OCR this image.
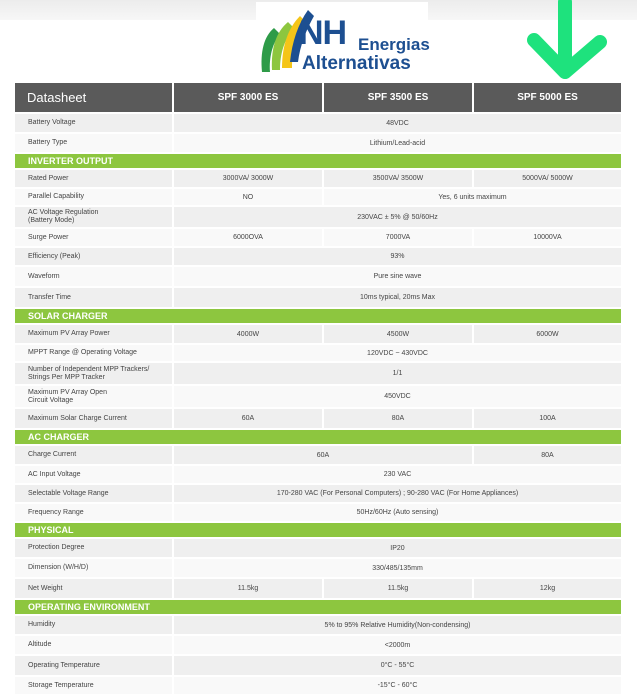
NH Energias
Alternativas
Datasheet	SPF 3000 ES	SPF 3500 ES	SPF 5000 ES
Battery Voltage	48VDC		
Battery Type	Lithium/Lead-acid		
INVERTER OUTPUT			
Rated Power	3000VA/ 3000W	3500VA/ 3500W	5000VA/ 5000W
Parallel Capability	NO	Yes, 6 units maximum	
AC Voltage Regulation
(Battery Mode)	230VAC ± 5% @ 50/60Hz		
Surge Power	6000OVA	7000VA	10000VA
Efficiency (Peak)	93%		
Waveform	Pure sine wave		
Transfer Time	10ms typical, 20ms Max		
SOLAR CHARGER			
Maximum PV Array Power	4000W	4500W	6000W
MPPT Range @ Operating Voltage	120VDC ~ 430VDC		
Number of Independent MPP Trackers/
Strings Per MPP Tracker	1/1		
Maximum PV Array Open
Circuit Voltage	450VDC		
Maximum Solar Charge Current	60A	80A	100A
AC CHARGER			
Charge Current	60A		80A
AC Input Voltage	230 VAC		
Selectable Voltage Range	170-280 VAC (For Personal Computers) ; 90-280 VAC (For Home Appliances)		
Frequency Range	50Hz/60Hz (Auto sensing)		
PHYSICAL			
Protection Degree	IP20		
Dimension (W/H/D)	330/485/135mm		
Net Weight	11.5kg	11.5kg	12kg
OPERATING ENVIRONMENT			
Humidity	5% to 95% Relative Humidity(Non-condensing)		
Altitude	<2000m		
Operating Temperature	0°C - 55°C		
Storage Temperature	-15°C - 60°C		
